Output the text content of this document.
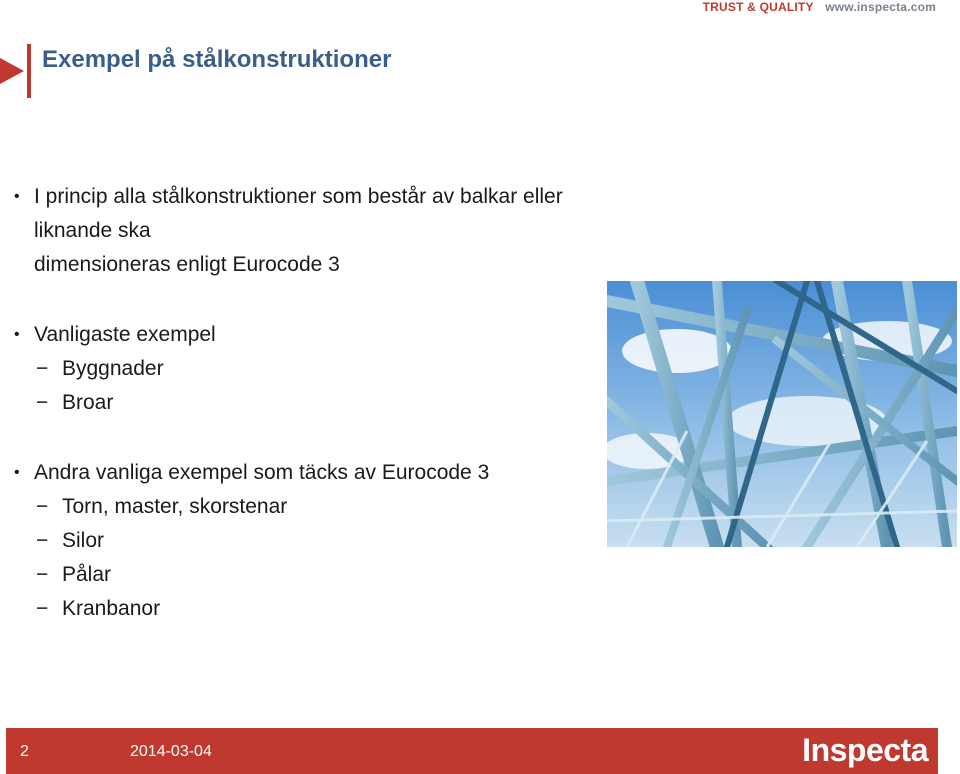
TRUST & QUALITY www.inspecta.com
Exempel på stålkonstruktioner
• I princip alla stålkonstruktioner som består av balkar eller liknande ska
dimensioneras enligt Eurocode 3
• Vanligaste exempel
− Byggnader
− Broar
• Andra vanliga exempel som täcks av Eurocode 3
− Torn, master, skorstenar
− Silor
− Pålar
− Kranbanor
2	2014-03-04	Inspecta
